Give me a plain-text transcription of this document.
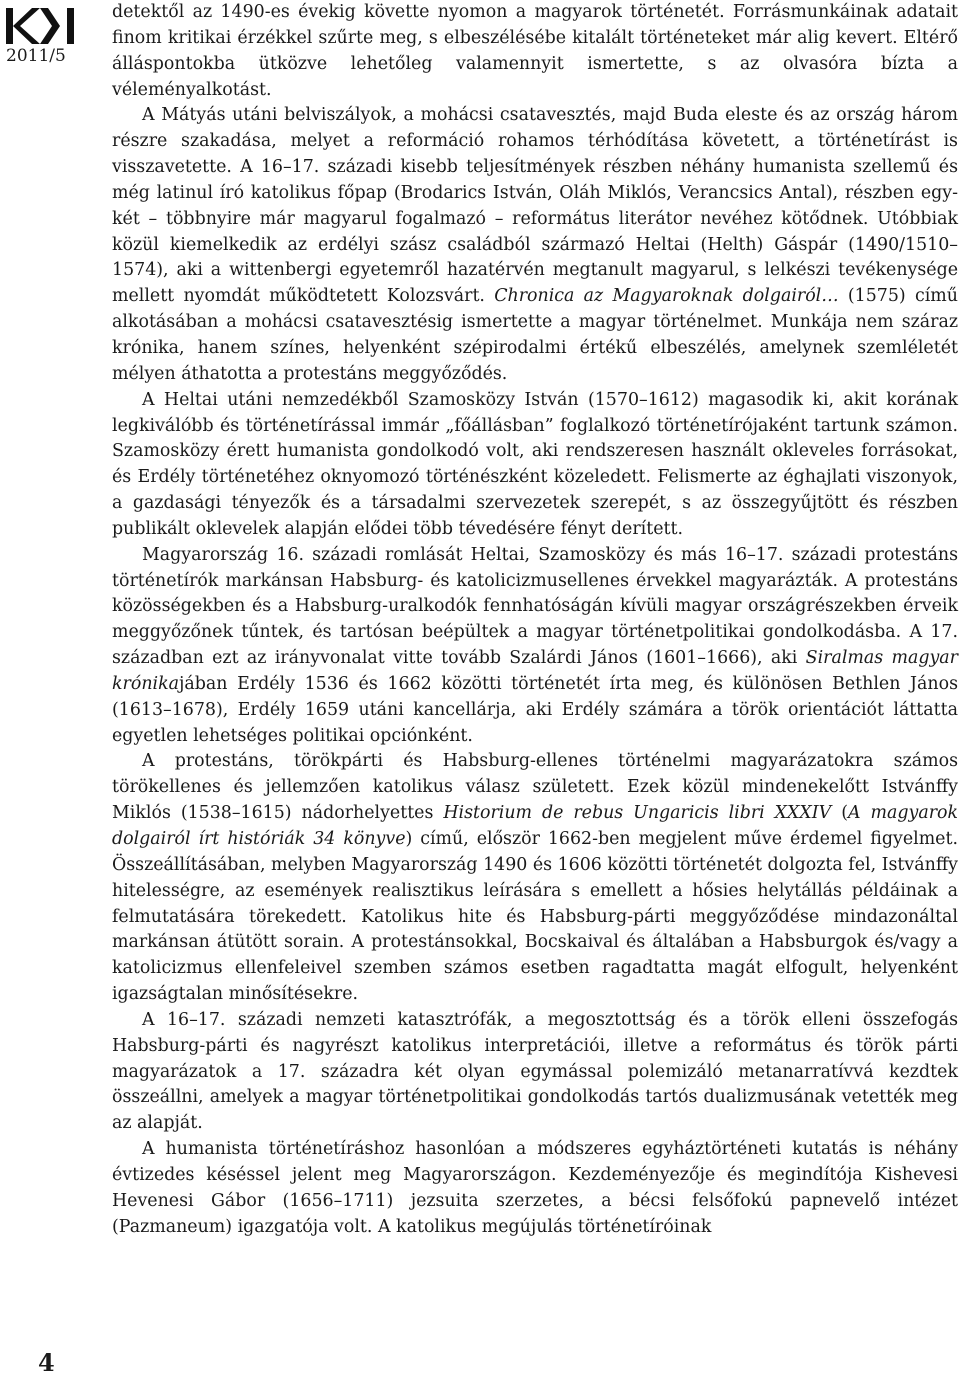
2011/5
4

detektől az 1490-es évekig követte nyomon a magyarok történetét. Forrásmunkáinak adatait finom kritikai érzékkel szűrte meg, s elbeszélésébe kitalált történeteket már alig kevert. Eltérő álláspontokba ütközve lehetőleg valamennyit ismertette, s az olvasóra bízta a véleményalkotást.

A Mátyás utáni belviszályok, a mohácsi csatavesztés, majd Buda eleste és az ország három részre szakadása, melyet a reformáció rohamos térhódítása követett, a történetírást is visszavetette. A 16–17. századi kisebb teljesítmények részben néhány humanista szellemű és még latinul író katolikus főpap (Brodarics István, Oláh Miklós, Verancsics Antal), részben egy-két – többnyire már magyarul fogalmazó – református literátor nevéhez kötődnek. Utóbbiak közül kiemelkedik az erdélyi szász családból származó Heltai (Helth) Gáspár (1490/1510–1574), aki a wittenbergi egyetemről hazatérvén megtanult magyarul, s lelkészi tevékenysége mellett nyomdát működtetett Kolozsvárt. Chronica az Magyaroknak dolgairól… (1575) című alkotásában a mohácsi csatavesztésig ismertette a magyar történelmet. Munkája nem száraz krónika, hanem színes, helyenként szépirodalmi értékű elbeszélés, amelynek szemléletét mélyen áthatotta a protestáns meggyőződés.

A Heltai utáni nemzedékből Szamosközy István (1570–1612) magasodik ki, akit korának legkiválóbb és történetírással immár „főállásban” foglalkozó történetírójaként tartunk számon. Szamosközy érett humanista gondolkodó volt, aki rendszeresen használt okleveles forrásokat, és Erdély történetéhez oknyomozó történészként közeledett. Felismerte az éghajlati viszonyok, a gazdasági tényezők és a társadalmi szervezetek szerepét, s az összegyűjtött és részben publikált oklevelek alapján elődei több tévedésére fényt derített.

Magyarország 16. századi romlását Heltai, Szamosközy és más 16–17. századi protestáns történetírók markánsan Habsburg- és katolicizmusellenes érvekkel magyarázták. A protestáns közösségekben és a Habsburg-uralkodók fennhatóságán kívüli magyar országrészekben érveik meggyőzőnek tűntek, és tartósan beépültek a magyar történetpolitikai gondolkodásba. A 17. században ezt az irányvonalat vitte tovább Szalárdi János (1601–1666), aki Siralmas magyar krónikajában Erdély 1536 és 1662 közötti történetét írta meg, és különösen Bethlen János (1613–1678), Erdély 1659 utáni kancellárja, aki Erdély számára a török orientációt láttatta egyetlen lehetséges politikai opciónként.

A protestáns, törökpárti és Habsburg-ellenes történelmi magyarázatokra számos törökellenes és jellemzően katolikus válasz született. Ezek közül mindenekelőtt Istvánffy Miklós (1538–1615) nádorhelyettes Historium de rebus Ungaricis libri XXXIV (A magyarok dolgairól írt históriák 34 könyve) című, először 1662-ben megjelent műve érdemel figyelmet. Összeállításában, melyben Magyarország 1490 és 1606 közötti történetét dolgozta fel, Istvánffy hitelességre, az események realisztikus leírására s emellett a hősies helytállás példáinak a felmutatására törekedett. Katolikus hite és Habsburg-párti meggyőződése mindazonáltal markánsan átütött sorain. A protestánsokkal, Bocskaival és általában a Habsburgok és/vagy a katolicizmus ellenfeleivel szemben számos esetben ragadtatta magát elfogult, helyenként igazságtalan minősítésekre.

A 16–17. századi nemzeti katasztrófák, a megosztottság és a török elleni összefogás Habsburg-párti és nagyrészt katolikus interpretációi, illetve a református és török párti magyarázatok a 17. századra két olyan egymással polemizáló metanarratívvá kezdtek összeállni, amelyek a magyar történetpolitikai gondolkodás tartós dualizmusának vetették meg az alapját.

A humanista történetíráshoz hasonlóan a módszeres egyháztörténeti kutatás is néhány évtizedes késéssel jelent meg Magyarországon. Kezdeményezője és megindítója Kishevesi Hevenesi Gábor (1656–1711) jezsuita szerzetes, a bécsi felsőfokú papnevelő intézet (Pazmaneum) igazgatója volt. A katolikus megújulás történetíróinak
